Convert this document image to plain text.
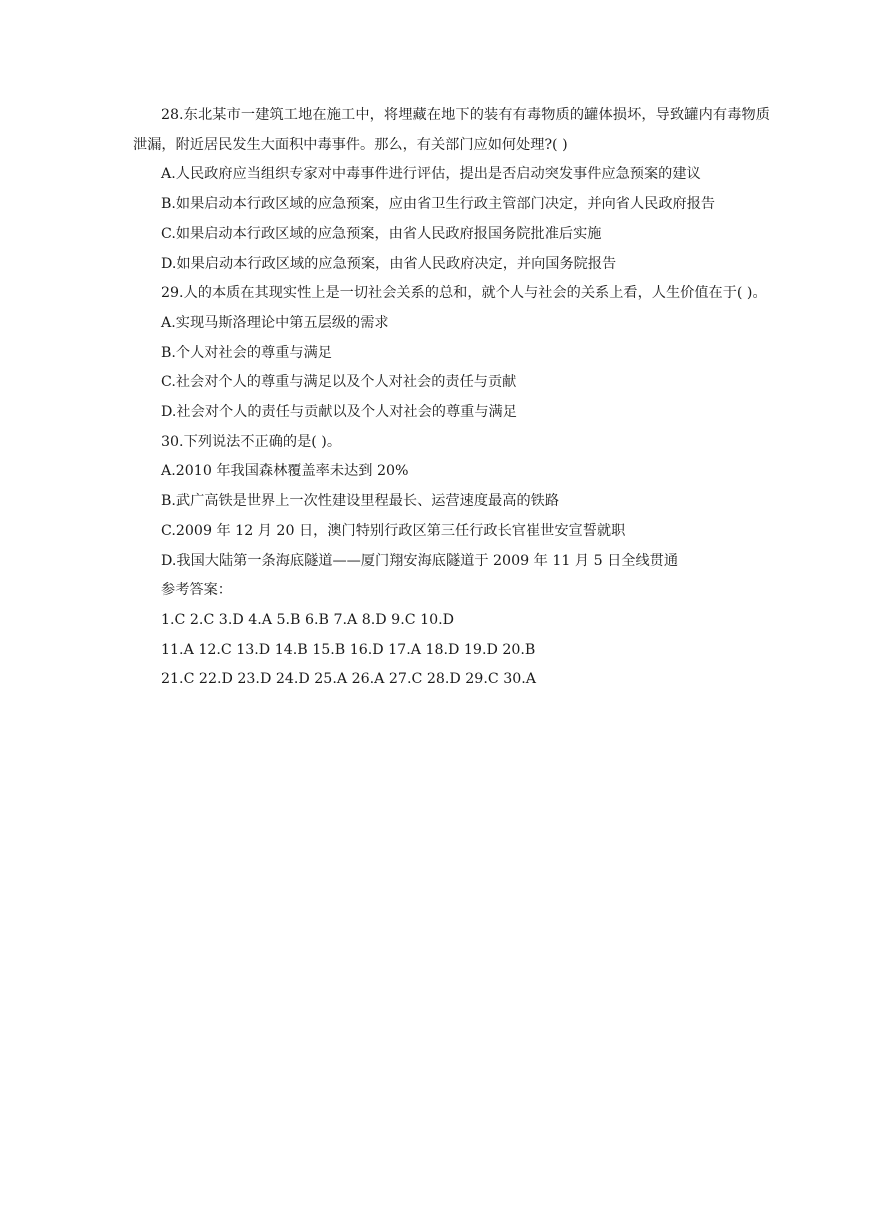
28.东北某市一建筑工地在施工中，将埋藏在地下的装有有毒物质的罐体损坏，导致罐内有毒物质泄漏，附近居民发生大面积中毒事件。那么，有关部门应如何处理?( )

A.人民政府应当组织专家对中毒事件进行评估，提出是否启动突发事件应急预案的建议

B.如果启动本行政区域的应急预案，应由省卫生行政主管部门决定，并向省人民政府报告

C.如果启动本行政区域的应急预案，由省人民政府报国务院批准后实施

D.如果启动本行政区域的应急预案，由省人民政府决定，并向国务院报告

29.人的本质在其现实性上是一切社会关系的总和，就个人与社会的关系上看，人生价值在于( )。

A.实现马斯洛理论中第五层级的需求

B.个人对社会的尊重与满足

C.社会对个人的尊重与满足以及个人对社会的责任与贡献

D.社会对个人的责任与贡献以及个人对社会的尊重与满足

30.下列说法不正确的是( )。

A.2010 年我国森林覆盖率未达到 20%

B.武广高铁是世界上一次性建设里程最长、运营速度最高的铁路

C.2009 年 12 月 20 日，澳门特别行政区第三任行政长官崔世安宣誓就职

D.我国大陆第一条海底隧道——厦门翔安海底隧道于 2009 年 11 月 5 日全线贯通

参考答案：

1.C 2.C 3.D 4.A 5.B 6.B 7.A 8.D 9.C 10.D

11.A 12.C 13.D 14.B 15.B 16.D 17.A 18.D 19.D 20.B

21.C 22.D 23.D 24.D 25.A 26.A 27.C 28.D 29.C 30.A
